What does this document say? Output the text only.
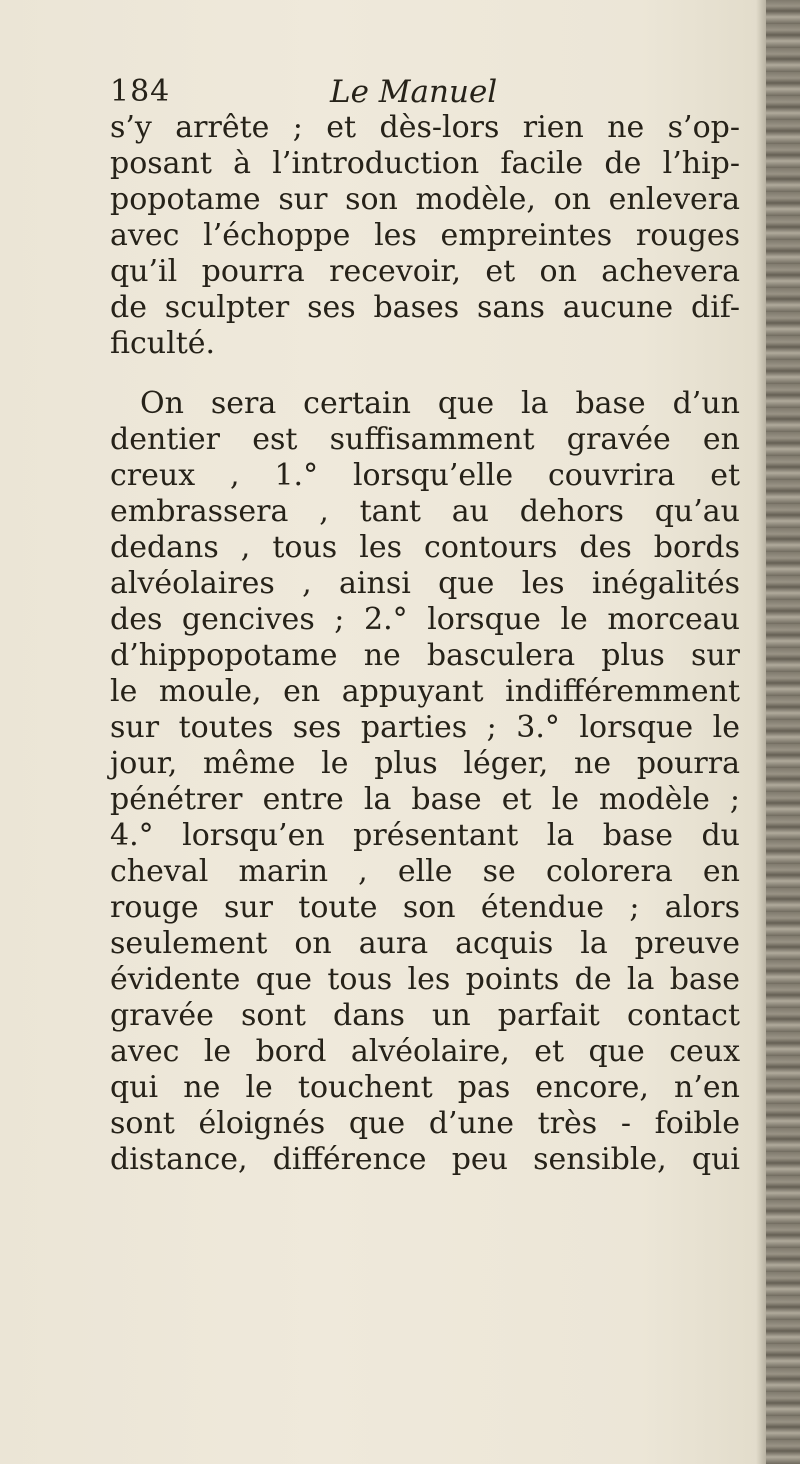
184	Le Manuel
s’y arrête ; et dès-lors rien ne s’op-
posant à l’introduction facile de l’hip-
popotame sur son modèle, on enlevera
avec l’échoppe les empreintes rouges
qu’il pourra recevoir, et on achevera
de sculpter ses bases sans aucune dif-
ficulté.
On sera certain que la base d’un
dentier est suffisamment gravée en
creux , 1.° lorsqu’elle couvrira et
embrassera , tant au dehors qu’au
dedans , tous les contours des bords
alvéolaires , ainsi que les inégalités
des gencives ; 2.° lorsque le morceau
d’hippopotame ne basculera plus sur
le moule, en appuyant indifféremment
sur toutes ses parties ; 3.° lorsque le
jour, même le plus léger, ne pourra
pénétrer entre la base et le modèle ;
4.° lorsqu’en présentant la base du
cheval marin , elle se colorera en
rouge sur toute son étendue ; alors
seulement on aura acquis la preuve
évidente que tous les points de la base
gravée sont dans un parfait contact
avec le bord alvéolaire, et que ceux
qui ne le touchent pas encore, n’en
sont éloignés que d’une très - foible
distance, différence peu sensible, qui
